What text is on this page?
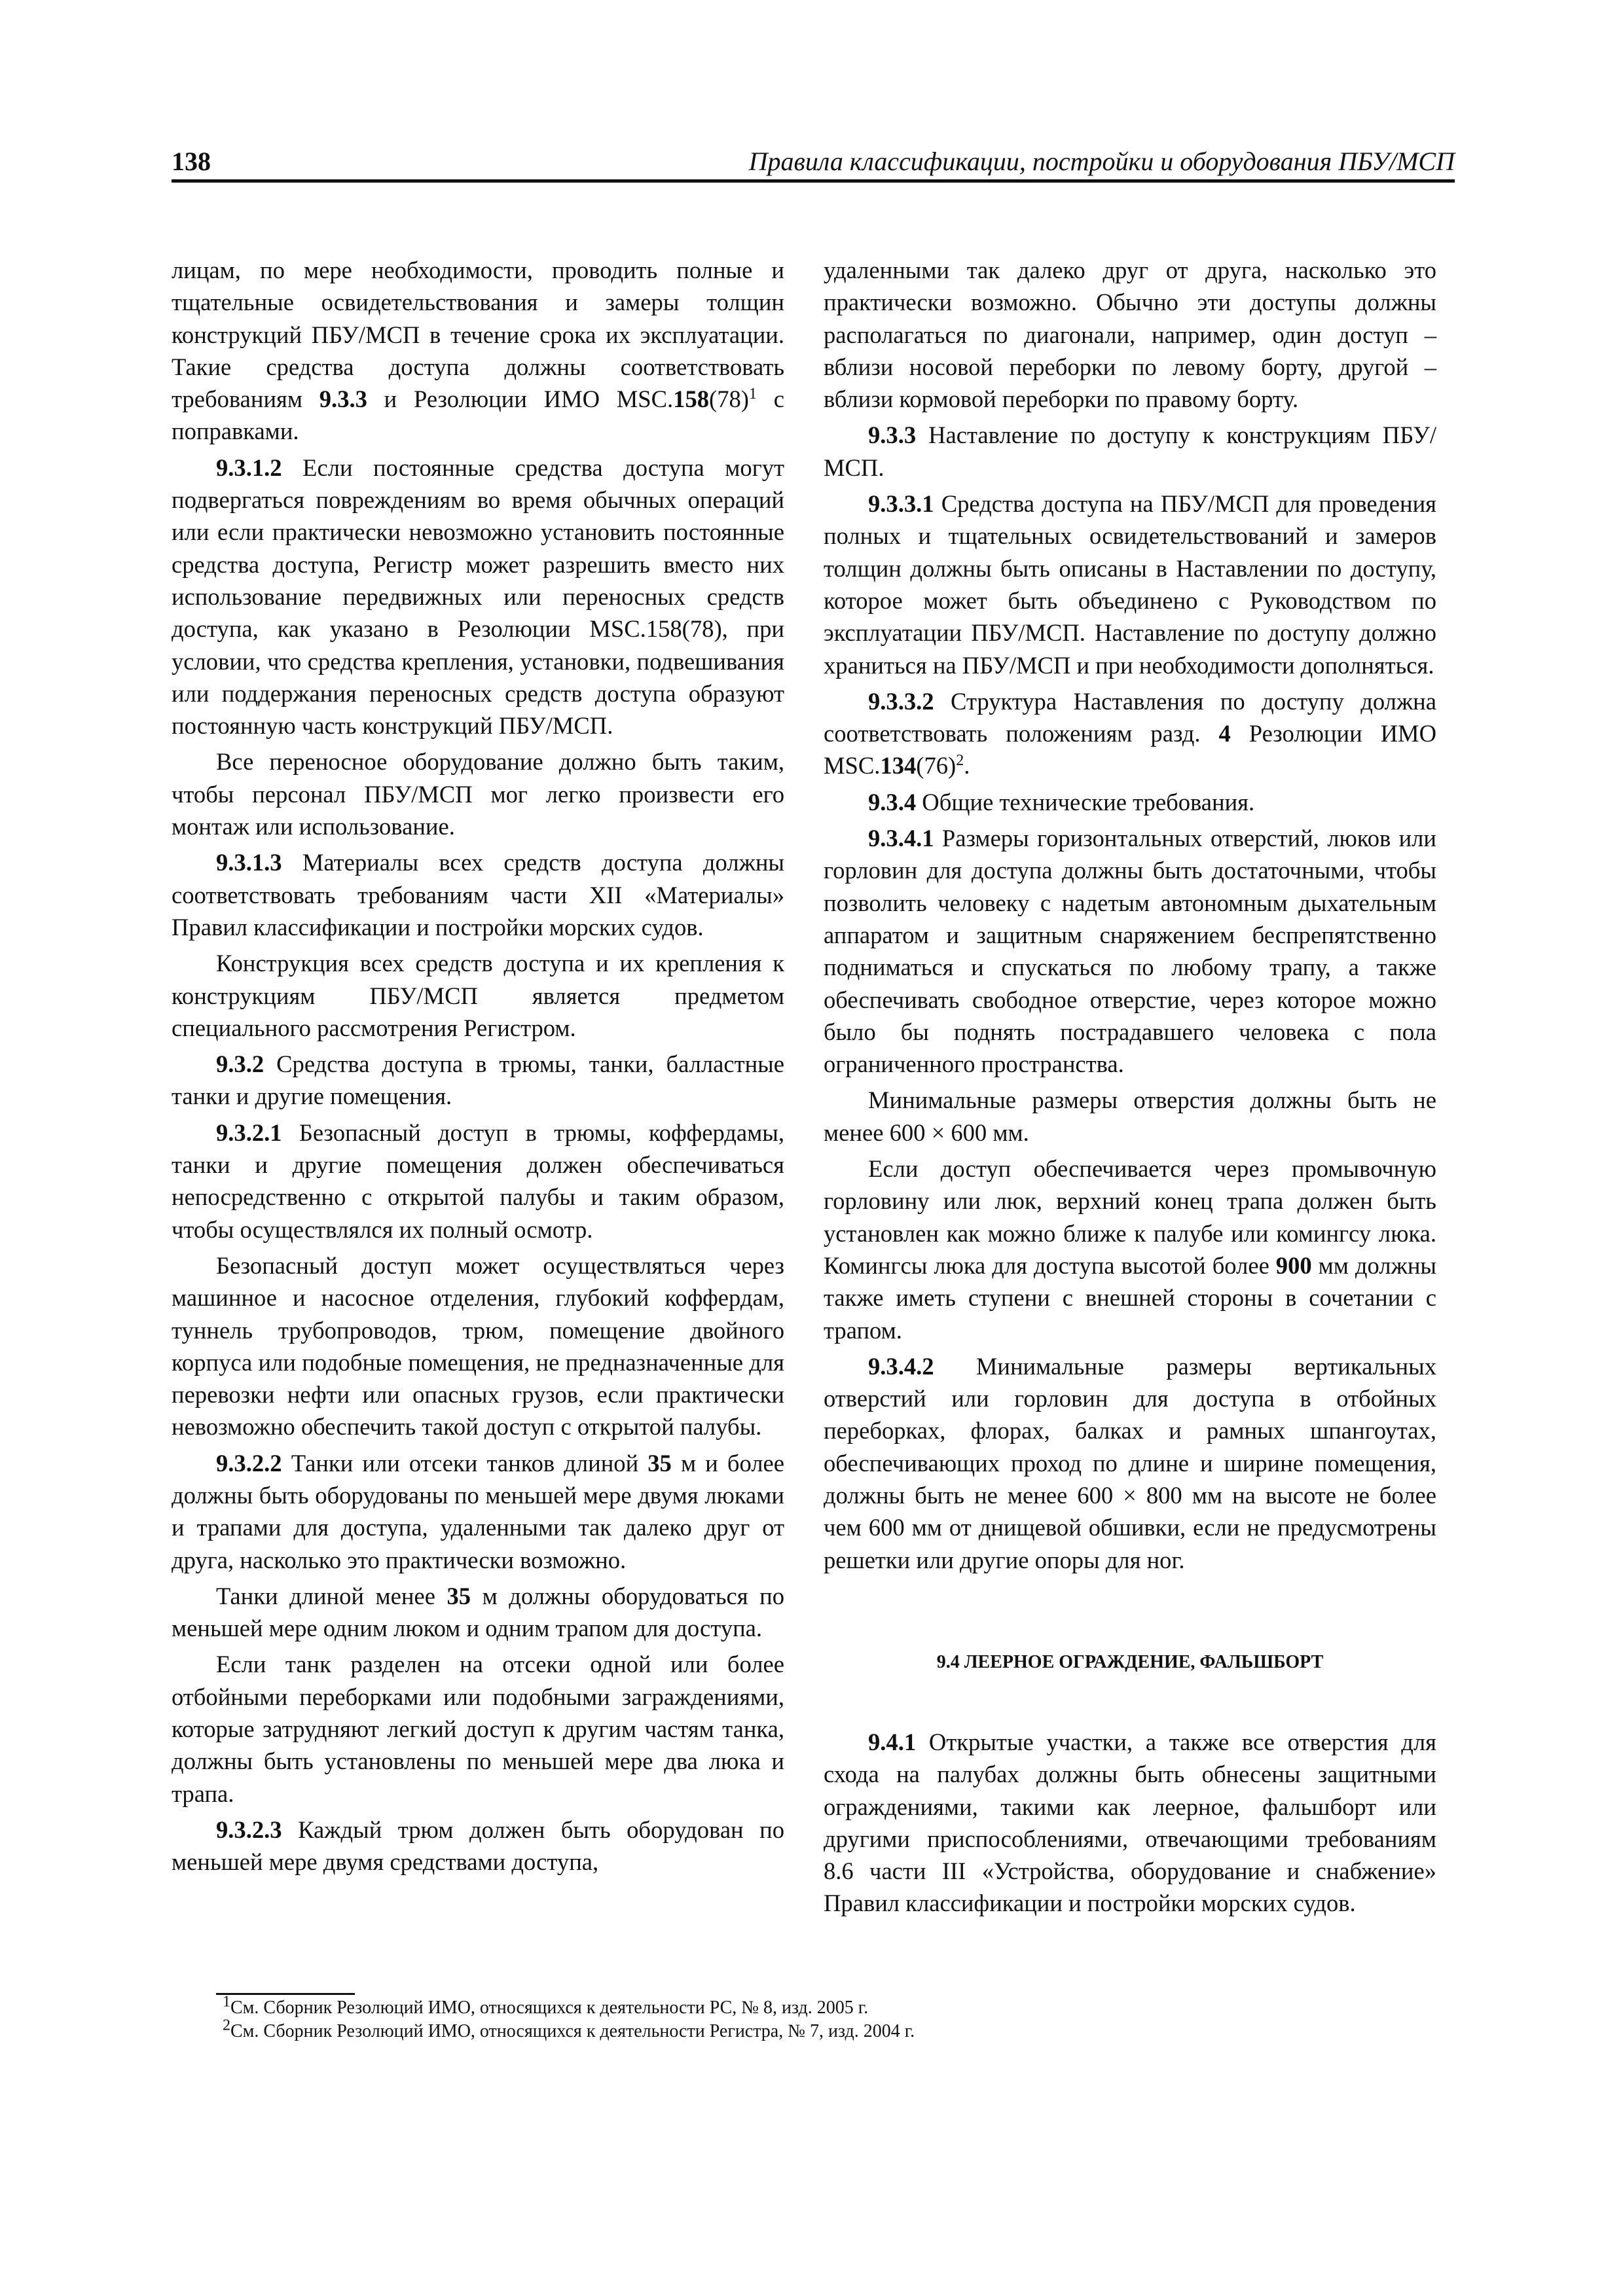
138	Правила классификации, постройки и оборудования ПБУ/МСП

лицам, по мере необходимости, проводить полные и тщательные освидетельствования и замеры толщин конструкций ПБУ/МСП в течение срока их эксплуатации. Такие средства доступа должны соответствовать требованиям 9.3.3 и Резолюции ИМО $MSC.158(78)^1$ с поправками.

9.3.1.2 Если постоянные средства доступа могут подвергаться повреждениям во время обычных операций или если практически невозможно установить постоянные средства доступа, Регистр может разрешить вместо них использование передвижных или переносных средств доступа, как указано в Резолюции MSC.158(78), при условии, что средства крепления, установки, подвешивания или поддержания переносных средств доступа образуют постоянную часть конструкций ПБУ/МСП.

Все переносное оборудование должно быть таким, чтобы персонал ПБУ/МСП мог легко произвести его монтаж или использование.

9.3.1.3 Материалы всех средств доступа должны соответствовать требованиям части XII «Материалы» Правил классификации и постройки морских судов.

Конструкция всех средств доступа и их крепления к конструкциям ПБУ/МСП является предметом специального рассмотрения Регистром.

9.3.2 Средства доступа в трюмы, танки, балластные танки и другие помещения.

9.3.2.1 Безопасный доступ в трюмы, коффердамы, танки и другие помещения должен обеспечиваться непосредственно с открытой палубы и таким образом, чтобы осуществлялся их полный осмотр.

Безопасный доступ может осуществляться через машинное и насосное отделения, глубокий коффердам, туннель трубопроводов, трюм, помещение двойного корпуса или подобные помещения, не предназначенные для перевозки нефти или опасных грузов, если практически невозможно обеспечить такой доступ с открытой палубы.

9.3.2.2 Танки или отсеки танков длиной 35 м и более должны быть оборудованы по меньшей мере двумя люками и трапами для доступа, удаленными так далеко друг от друга, насколько это практически возможно.

Танки длиной менее 35 м должны оборудоваться по меньшей мере одним люком и одним трапом для доступа.

Если танк разделен на отсеки одной или более отбойными переборками или подобными заграждениями, которые затрудняют легкий доступ к другим частям танка, должны быть установлены по меньшей мере два люка и трапа.

9.3.2.3 Каждый трюм должен быть оборудован по меньшей мере двумя средствами доступа,

удаленными так далеко друг от друга, насколько это практически возможно. Обычно эти доступы должны располагаться по диагонали, например, один доступ – вблизи носовой переборки по левому борту, другой – вблизи кормовой переборки по правому борту.

9.3.3 Наставление по доступу к конструкциям ПБУ/МСП.

9.3.3.1 Средства доступа на ПБУ/МСП для проведения полных и тщательных освидетельствований и замеров толщин должны быть описаны в Наставлении по доступу, которое может быть объединено с Руководством по эксплуатации ПБУ/МСП. Наставление по доступу должно храниться на ПБУ/МСП и при необходимости дополняться.

9.3.3.2 Структура Наставления по доступу должна соответствовать положениям разд. 4 Резолюции ИМО $MSC.134(76)^2$.

9.3.4 Общие технические требования.

9.3.4.1 Размеры горизонтальных отверстий, люков или горловин для доступа должны быть достаточными, чтобы позволить человеку с надетым автономным дыхательным аппаратом и защитным снаряжением беспрепятственно подниматься и спускаться по любому трапу, а также обеспечивать свободное отверстие, через которое можно было бы поднять пострадавшего человека с пола ограниченного пространства.

Минимальные размеры отверстия должны быть не менее 600 × 600 мм.

Если доступ обеспечивается через промывочную горловину или люк, верхний конец трапа должен быть установлен как можно ближе к палубе или комингсу люка. Комингсы люка для доступа высотой более 900 мм должны также иметь ступени с внешней стороны в сочетании с трапом.

9.3.4.2 Минимальные размеры вертикальных отверстий или горловин для доступа в отбойных переборках, флорах, балках и рамных шпангоутах, обеспечивающих проход по длине и ширине помещения, должны быть не менее 600 × 800 мм на высоте не более чем 600 мм от днищевой обшивки, если не предусмотрены решетки или другие опоры для ног.

9.4 ЛЕЕРНОЕ ОГРАЖДЕНИЕ, ФАЛЬШБОРТ

9.4.1 Открытые участки, а также все отверстия для схода на палубах должны быть обнесены защитными ограждениями, такими как леерное, фальшборт или другими приспособлениями, отвечающими требованиям 8.6 части III «Устройства, оборудование и снабжение» Правил классификации и постройки морских судов.

$^1$См. Сборник Резолюций ИМО, относящихся к деятельности РС, № 8, изд. 2005 г.

$^2$См. Сборник Резолюций ИМО, относящихся к деятельности Регистра, № 7, изд. 2004 г.
